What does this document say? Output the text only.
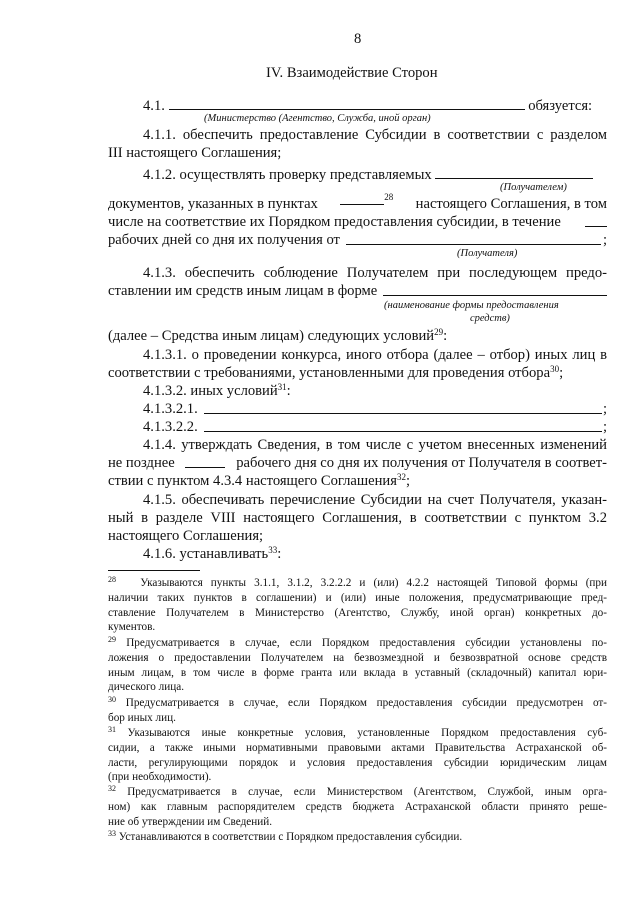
8
IV. Взаимодействие Сторон
4.1.	обязуется:
(Министерство (Агентство, Служба, иной орган)
4.1.1. обеспечить предоставление Субсидии в соответствии с разделом
III настоящего Соглашения;
4.1.2. осуществлять проверку представляемых
(Получателем)
документов, указанных в пунктах	$^{28}$ настоящего Соглашения, в том
числе на соответствие их Порядком предоставления субсидии, в течение
рабочих дней со дня их получения от	;
(Получателя)
4.1.3. обеспечить соблюдение Получателем при последующем предо-
ставлении им средств иным лицам в форме
(наименование формы предоставления
средств)
(далее – Средства иным лицам) следующих условий$^{29}$:
4.1.3.1. о проведении конкурса, иного отбора (далее – отбор) иных лиц в
соответствии с требованиями, установленными для проведения отбора$^{30}$;
4.1.3.2. иных условий$^{31}$:
4.1.3.2.1.	;
4.1.3.2.2.	;
4.1.4. утверждать Сведения, в том числе с учетом внесенных изменений
не позднее	рабочего дня со дня их получения от Получателя в соответ-
ствии с пунктом 4.3.4 настоящего Соглашения$^{32}$;
4.1.5. обеспечивать перечисление Субсидии на счет Получателя, указан-
ный в разделе VIII настоящего Соглашения, в соответствии с пунктом 3.2
настоящего Соглашения;
4.1.6. устанавливать$^{33}$:
$^{28}$ Указываются пункты 3.1.1, 3.1.2, 3.2.2.2 и (или) 4.2.2 настоящей Типовой формы (при
наличии таких пунктов в соглашении) и (или) иные положения, предусматривающие пред-
ставление Получателем в Министерство (Агентство, Службу, иной орган) конкретных до-
кументов.
$^{29}$ Предусматривается в случае, если Порядком предоставления субсидии установлены по-
ложения о предоставлении Получателем на безвозмездной и безвозвратной основе средств
иным лицам, в том числе в форме гранта или вклада в уставный (складочный) капитал юри-
дического лица.
$^{30}$ Предусматривается в случае, если Порядком предоставления субсидии предусмотрен от-
бор иных лиц.
$^{31}$ Указываются иные конкретные условия, установленные Порядком предоставления суб-
сидии, а также иными нормативными правовыми актами Правительства Астраханской об-
ласти, регулирующими порядок и условия предоставления субсидии юридическим лицам
(при необходимости).
$^{32}$ Предусматривается в случае, если Министерством (Агентством, Службой, иным орга-
ном) как главным распорядителем средств бюджета Астраханской области принято реше-
ние об утверждении им Сведений.
$^{33}$ Устанавливаются в соответствии с Порядком предоставления субсидии.
